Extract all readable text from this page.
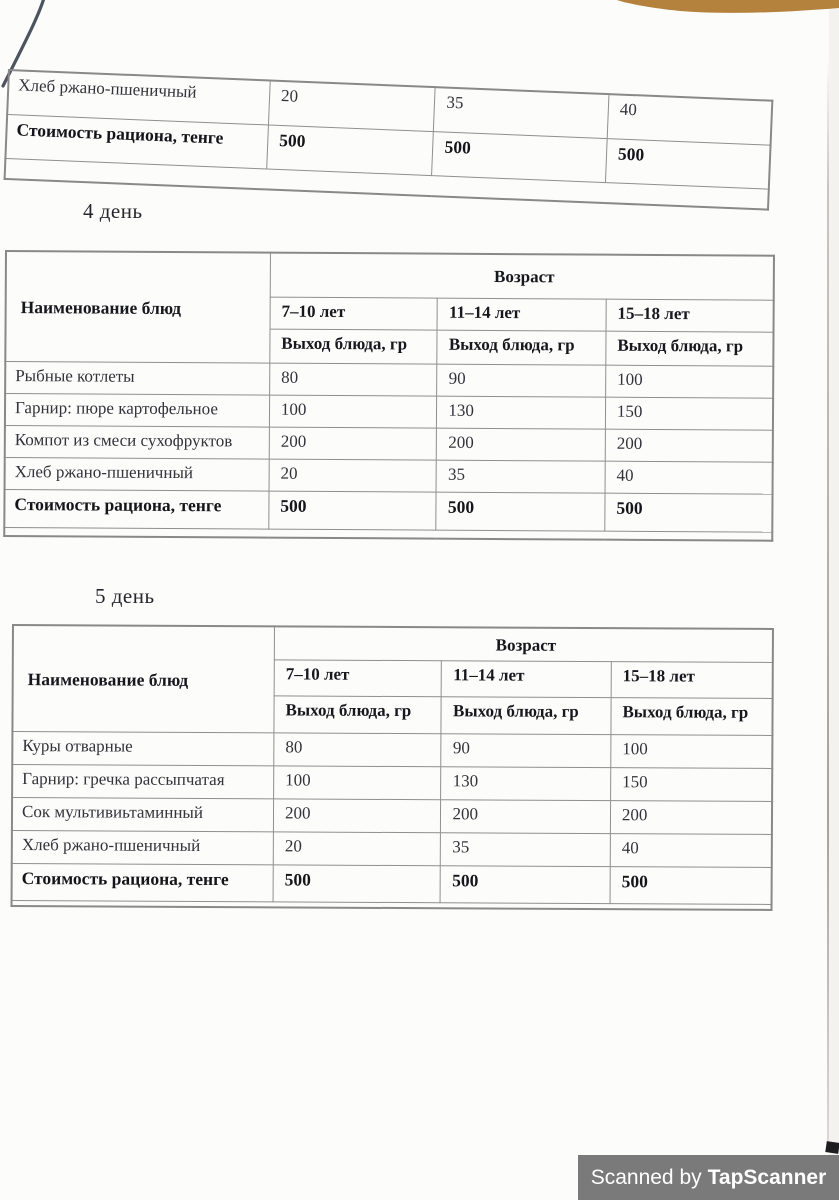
Хлеб ржано-пшеничный	20	35	40
Стоимость рациона, тенге	500	500	500

4 день
Наименование блюд	Возраст		
	7–10 лет	11–14 лет	15–18 лет
	Выход блюда, гр	Выход блюда, гр	Выход блюда, гр
Рыбные котлеты	80	90	100
Гарнир: пюре картофельное	100	130	150
Компот из смеси сухофруктов	200	200	200
Хлеб ржано-пшеничный	20	35	40
Стоимость рациона, тенге	500	500	500

5 день
Наименование блюд	Возраст		
	7–10 лет	11–14 лет	15–18 лет
	Выход блюда, гр	Выход блюда, гр	Выход блюда, гр
Куры отварные	80	90	100
Гарнир: гречка рассыпчатая	100	130	150
Сок мультивиьтаминный	200	200	200
Хлеб ржано-пшеничный	20	35	40
Стоимость рациона, тенге	500	500	500

Scanned by TapScanner
